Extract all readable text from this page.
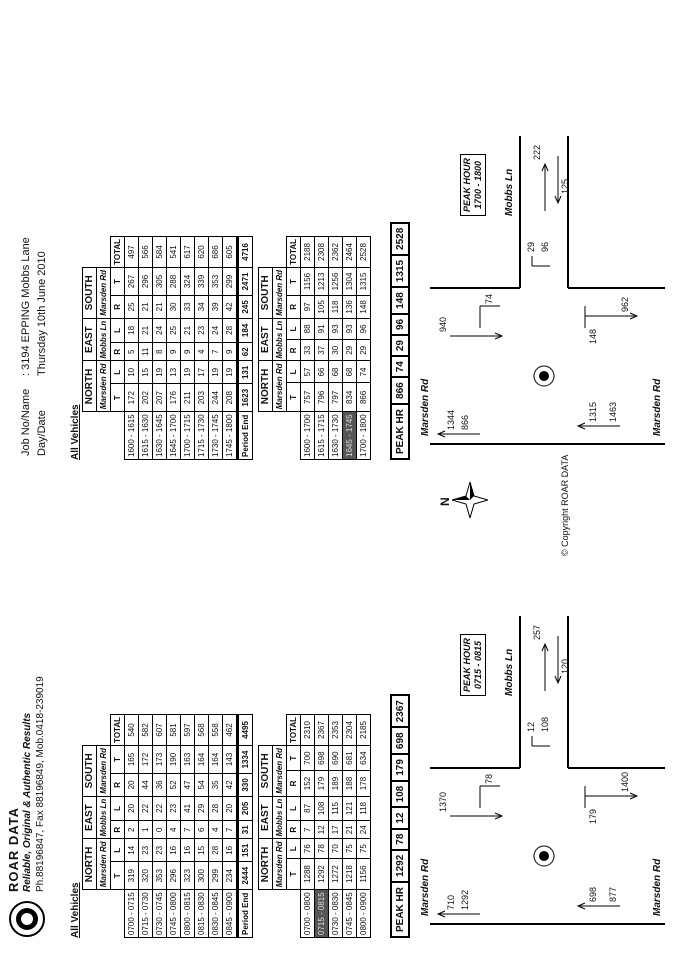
ROAR DATA Reliable, Original & Authentic Results Ph.88196847, Fax 88196849, Mob.0418-239019
Job No/Name
: 3194 EPPING Mobbs Lane
Day/Date
Thursday 10th June 2010
All Vehicles
All Vehicles
	NORTH		EAST		SOUTH		
	Marsden Rd		Mobbs Ln		Marsden Rd		
	T	L	R	L	R	T	TOTAL
0700 - 0715	319	14	2	20	20	165	540
0715 - 0730	320	23	1	22	44	172	582
0730 - 0745	353	23	0	22	36	173	607
0745 - 0800	296	16	4	23	52	190	581
0800 - 0815	323	16	7	41	47	163	597
0815 - 0830	300	15	6	29	54	164	568
0830 - 0845	299	28	4	28	35	164	558
0845 - 0900	234	16	7	20	42	143	462
Period End	2444	151	31	205	330	1334	4495
	NORTH		EAST		SOUTH		
	Marsden Rd		Mobbs Ln		Marsden Rd		
	T	L	R	L	R	T	TOTAL
1600 - 1615	172	10	5	18	25	267	497
1615 - 1630	202	15	11	21	21	296	566
1630 - 1645	207	19	8	24	21	305	584
1645 - 1700	176	13	9	25	30	288	541
1700 - 1715	211	19	9	21	33	324	617
1715 - 1730	203	17	4	23	34	339	620
1730 - 1745	244	19	7	24	39	353	686
1745 - 1800	208	19	9	28	42	299	605
Period End	1623	131	62	184	245	2471	4716
	NORTH		EAST		SOUTH		
	Marsden Rd		Mobbs Ln		Marsden Rd		
	T	L	R	L	R	T	TOTAL
0700 - 0800	1288	76	7	87	152	700	2310
0715 - 0815	1292	78	12	108	179	698	2367
0730 - 0830	1272	70	17	115	189	690	2353
0745 - 0845	1218	75	21	121	188	681	2304
0800 - 0900	1156	75	24	118	178	634	2185
	NORTH		EAST		SOUTH		
	Marsden Rd		Mobbs Ln		Marsden Rd		
	T	L	R	L	R	T	TOTAL
1600 - 1700	757	57	33	88	97	1156	2188
1615 - 1715	796	66	37	91	105	1213	2308
1630 - 1730	797	68	30	93	118	1256	2362
1645 - 1745	834	68	29	93	136	1304	2464
1700 - 1800	866	74	29	96	148	1315	2528
PEAK HR	1292	78	12	108	179	698	2367
PEAK HR	866	74	29	96	148	1315	2528
Marsden Rd	Marsden Rd
Mobbs Ln
710 1292
1370
78
698 877
179
1400
12 108
257
120
PEAK HOUR 0715 - 0815
N	© Copyright ROAR DATA
Marsden Rd	Marsden Rd
Mobbs Ln
1344 866
940
74
1315 1463
148
962
29 96
222
125
PEAK HOUR 1700 - 1800
